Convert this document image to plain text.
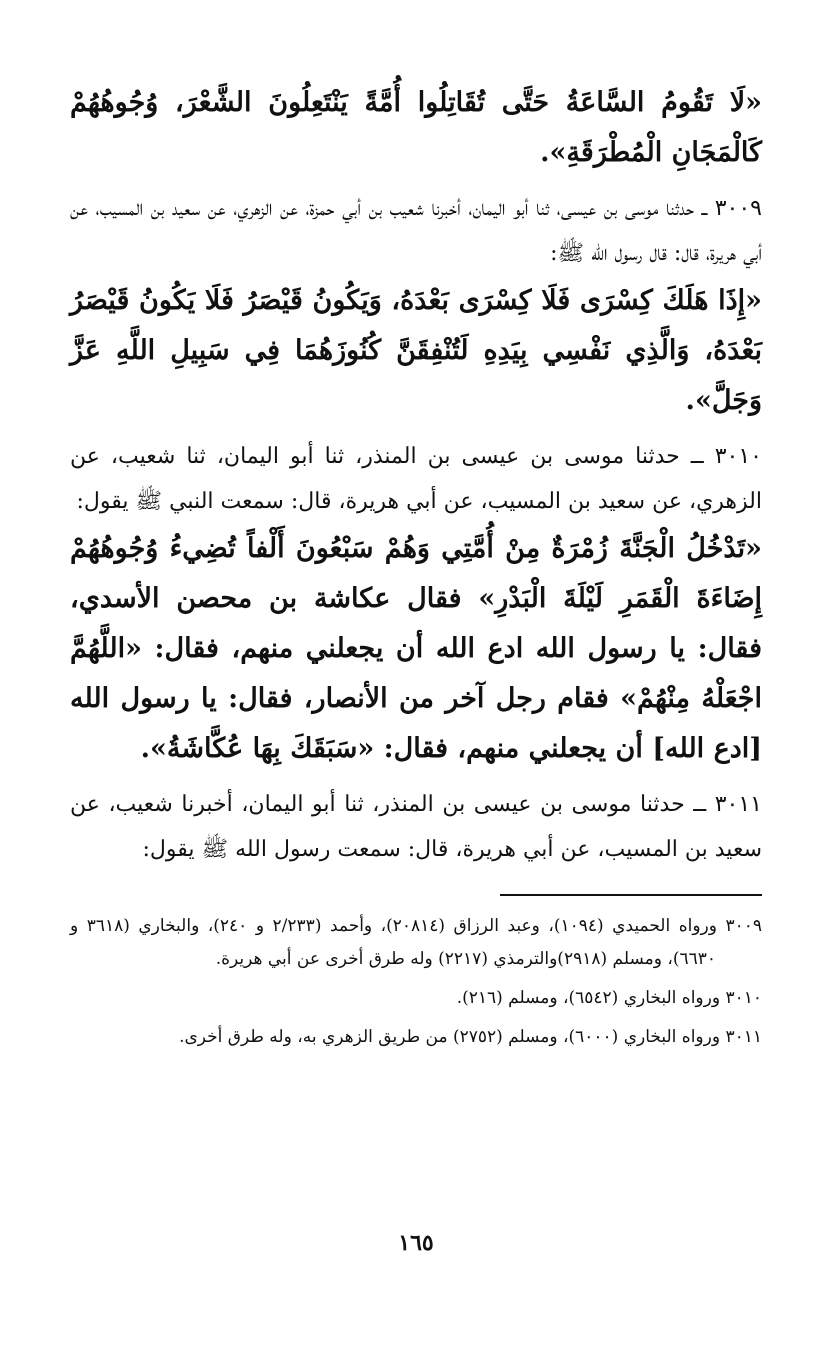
«لَا تَقُومُ السَّاعَةُ حَتَّى تُقَاتِلُوا أُمَّةً يَنْتَعِلُونَ الشَّعْرَ، وُجُوهُهُمْ كَالْمَجَانِ الْمُطْرَقَةِ».

٣٠٠٩ ــ حدثنا موسى بن عيسى، ثنا أبو اليمان، أخبرنا شعيب بن أبي حمزة، عن الزهري، عن سعيد بن المسيب، عن أبي هريرة، قال: قال رسول الله ﷺ:

«إِذَا هَلَكَ كِسْرَى فَلَا كِسْرَى بَعْدَهُ، وَيَكُونُ قَيْصَرُ فَلَا يَكُونُ قَيْصَرُ بَعْدَهُ، وَالَّذِي نَفْسِي بِيَدِهِ لَتُنْفِقَنَّ كُنُوزَهُمَا فِي سَبِيلِ اللَّهِ عَزَّ وَجَلَّ».

٣٠١٠ ــ حدثنا موسى بن عيسى بن المنذر، ثنا أبو اليمان، ثنا شعيب، عن الزهري، عن سعيد بن المسيب، عن أبي هريرة، قال: سمعت النبي ﷺ يقول:

«تَدْخُلُ الْجَنَّةَ زُمْرَةٌ مِنْ أُمَّتِي وَهُمْ سَبْعُونَ أَلْفاً تُضِيءُ وُجُوهُهُمْ إِضَاءَةَ الْقَمَرِ لَيْلَةَ الْبَدْرِ» فقال عكاشة بن محصن الأسدي، فقال: يا رسول الله ادع الله أن يجعلني منهم، فقال: «اللَّهُمَّ اجْعَلْهُ مِنْهُمْ» فقام رجل آخر من الأنصار، فقال: يا رسول الله [ادع الله] أن يجعلني منهم، فقال: «سَبَقَكَ بِهَا عُكَّاشَةُ».

٣٠١١ ــ حدثنا موسى بن عيسى بن المنذر، ثنا أبو اليمان، أخبرنا شعيب، عن سعيد بن المسيب، عن أبي هريرة، قال: سمعت رسول الله ﷺ يقول:

٣٠٠٩ ورواه الحميدي (١٠٩٤)، وعبد الرزاق (٢٠٨١٤)، وأحمد (٢/٢٣٣ و ٢٤٠)، والبخاري (٣٦١٨ و ٦٦٣٠)، ومسلم (٢٩١٨)والترمذي (٢٢١٧) وله طرق أخرى عن أبي هريرة.

٣٠١٠ ورواه البخاري (٦٥٤٢)، ومسلم (٢١٦).

٣٠١١ ورواه البخاري (٦٠٠٠)، ومسلم (٢٧٥٢) من طريق الزهري به، وله طرق أخرى.

١٦٥
